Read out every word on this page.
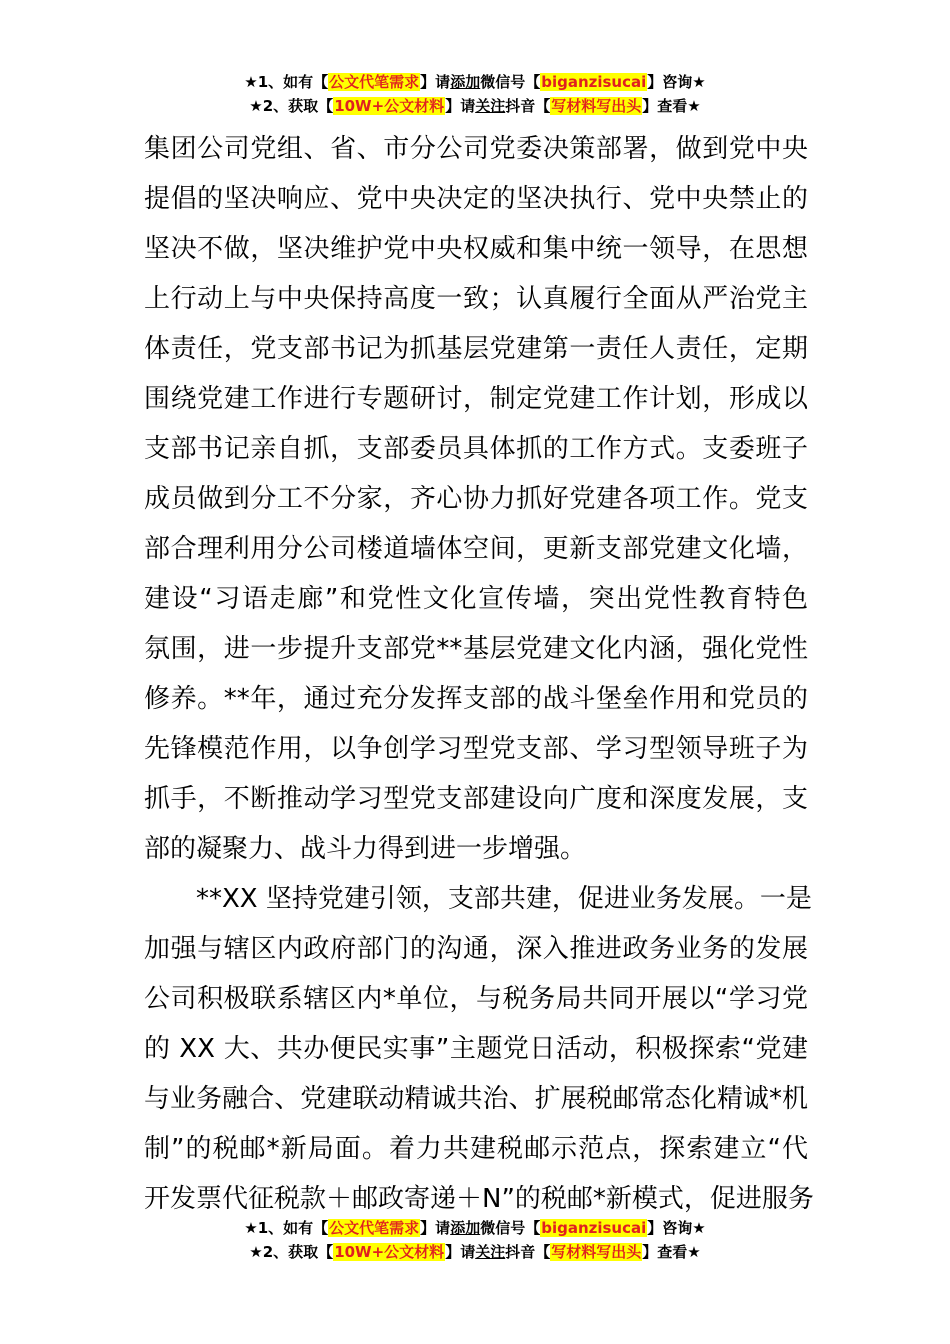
★1、如有【公文代笔需求】请添加微信号【biganzisucai】咨询★
★2、获取【10W+公文材料】请关注抖音【写材料写出头】查看★
集团公司党组、省、市分公司党委决策部署，做到党中央
提倡的坚决响应、党中央决定的坚决执行、党中央禁止的
坚决不做，坚决维护党中央权威和集中统一领导，在思想
上行动上与中央保持高度一致；认真履行全面从严治党主
体责任，党支部书记为抓基层党建第一责任人责任，定期
围绕党建工作进行专题研讨，制定党建工作计划，形成以
支部书记亲自抓，支部委员具体抓的工作方式。支委班子
成员做到分工不分家，齐心协力抓好党建各项工作。党支
部合理利用分公司楼道墙体空间，更新支部党建文化墙，
建设“习语走廊”和党性文化宣传墙，突出党性教育特色
氛围，进一步提升支部党**基层党建文化内涵，强化党性
修养。**年，通过充分发挥支部的战斗堡垒作用和党员的
先锋模范作用，以争创学习型党支部、学习型领导班子为
抓手，不断推动学习型党支部建设向广度和深度发展，支
部的凝聚力、战斗力得到进一步增强。
**XX 坚持党建引领，支部共建，促进业务发展。一是
加强与辖区内政府部门的沟通，深入推进政务业务的发展
公司积极联系辖区内*单位，与税务局共同开展以“学习党
的 XX 大、共办便民实事”主题党日活动，积极探索“党建
与业务融合、党建联动精诚共治、扩展税邮常态化精诚*机
制”的税邮*新局面。着力共建税邮示范点，探索建立“代
开发票代征税款＋邮政寄递＋N”的税邮*新模式，促进服务
★1、如有【公文代笔需求】请添加微信号【biganzisucai】咨询★
★2、获取【10W+公文材料】请关注抖音【写材料写出头】查看★
